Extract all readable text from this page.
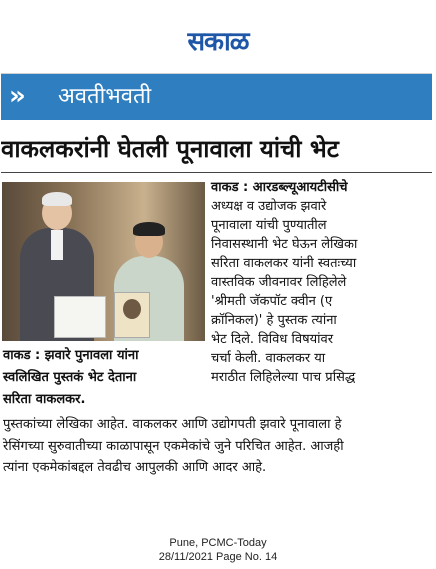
सकाळ
» अवतीभवती
वाकलकरांनी घेतली पूनावाला यांची भेट
वाकड : झवारे पुनावला यांना
स्वलिखित पुस्तकं भेट देताना
सरिता वाकलकर.
वाकड : आरडब्ल्यूआयटीसीचे
अध्यक्ष व उद्योजक झवारे
पूनावाला यांची पुण्यातील
निवासस्थानी भेट घेऊन लेखिका
सरिता वाकलकर यांनी स्वतःच्या
वास्तविक जीवनावर लिहिलेले
'श्रीमती जॅकपॉट क्वीन (ए
क्रॉनिकल)' हे पुस्तक त्यांना
भेट दिले. विविध विषयांवर
चर्चा केली. वाकलकर या
मराठीत लिहिलेल्या पाच प्रसिद्ध
पुस्तकांच्या लेखिका आहेत. वाकलकर आणि उद्योगपती झवारे पूनावाला हे
रेसिंगच्या सुरुवातीच्या काळापासून एकमेकांचे जुने परिचित आहेत. आजही
त्यांना एकमेकांबद्दल तेवढीच आपुलकी आणि आदर आहे.
Pune, PCMC-Today
28/11/2021 Page No. 14
